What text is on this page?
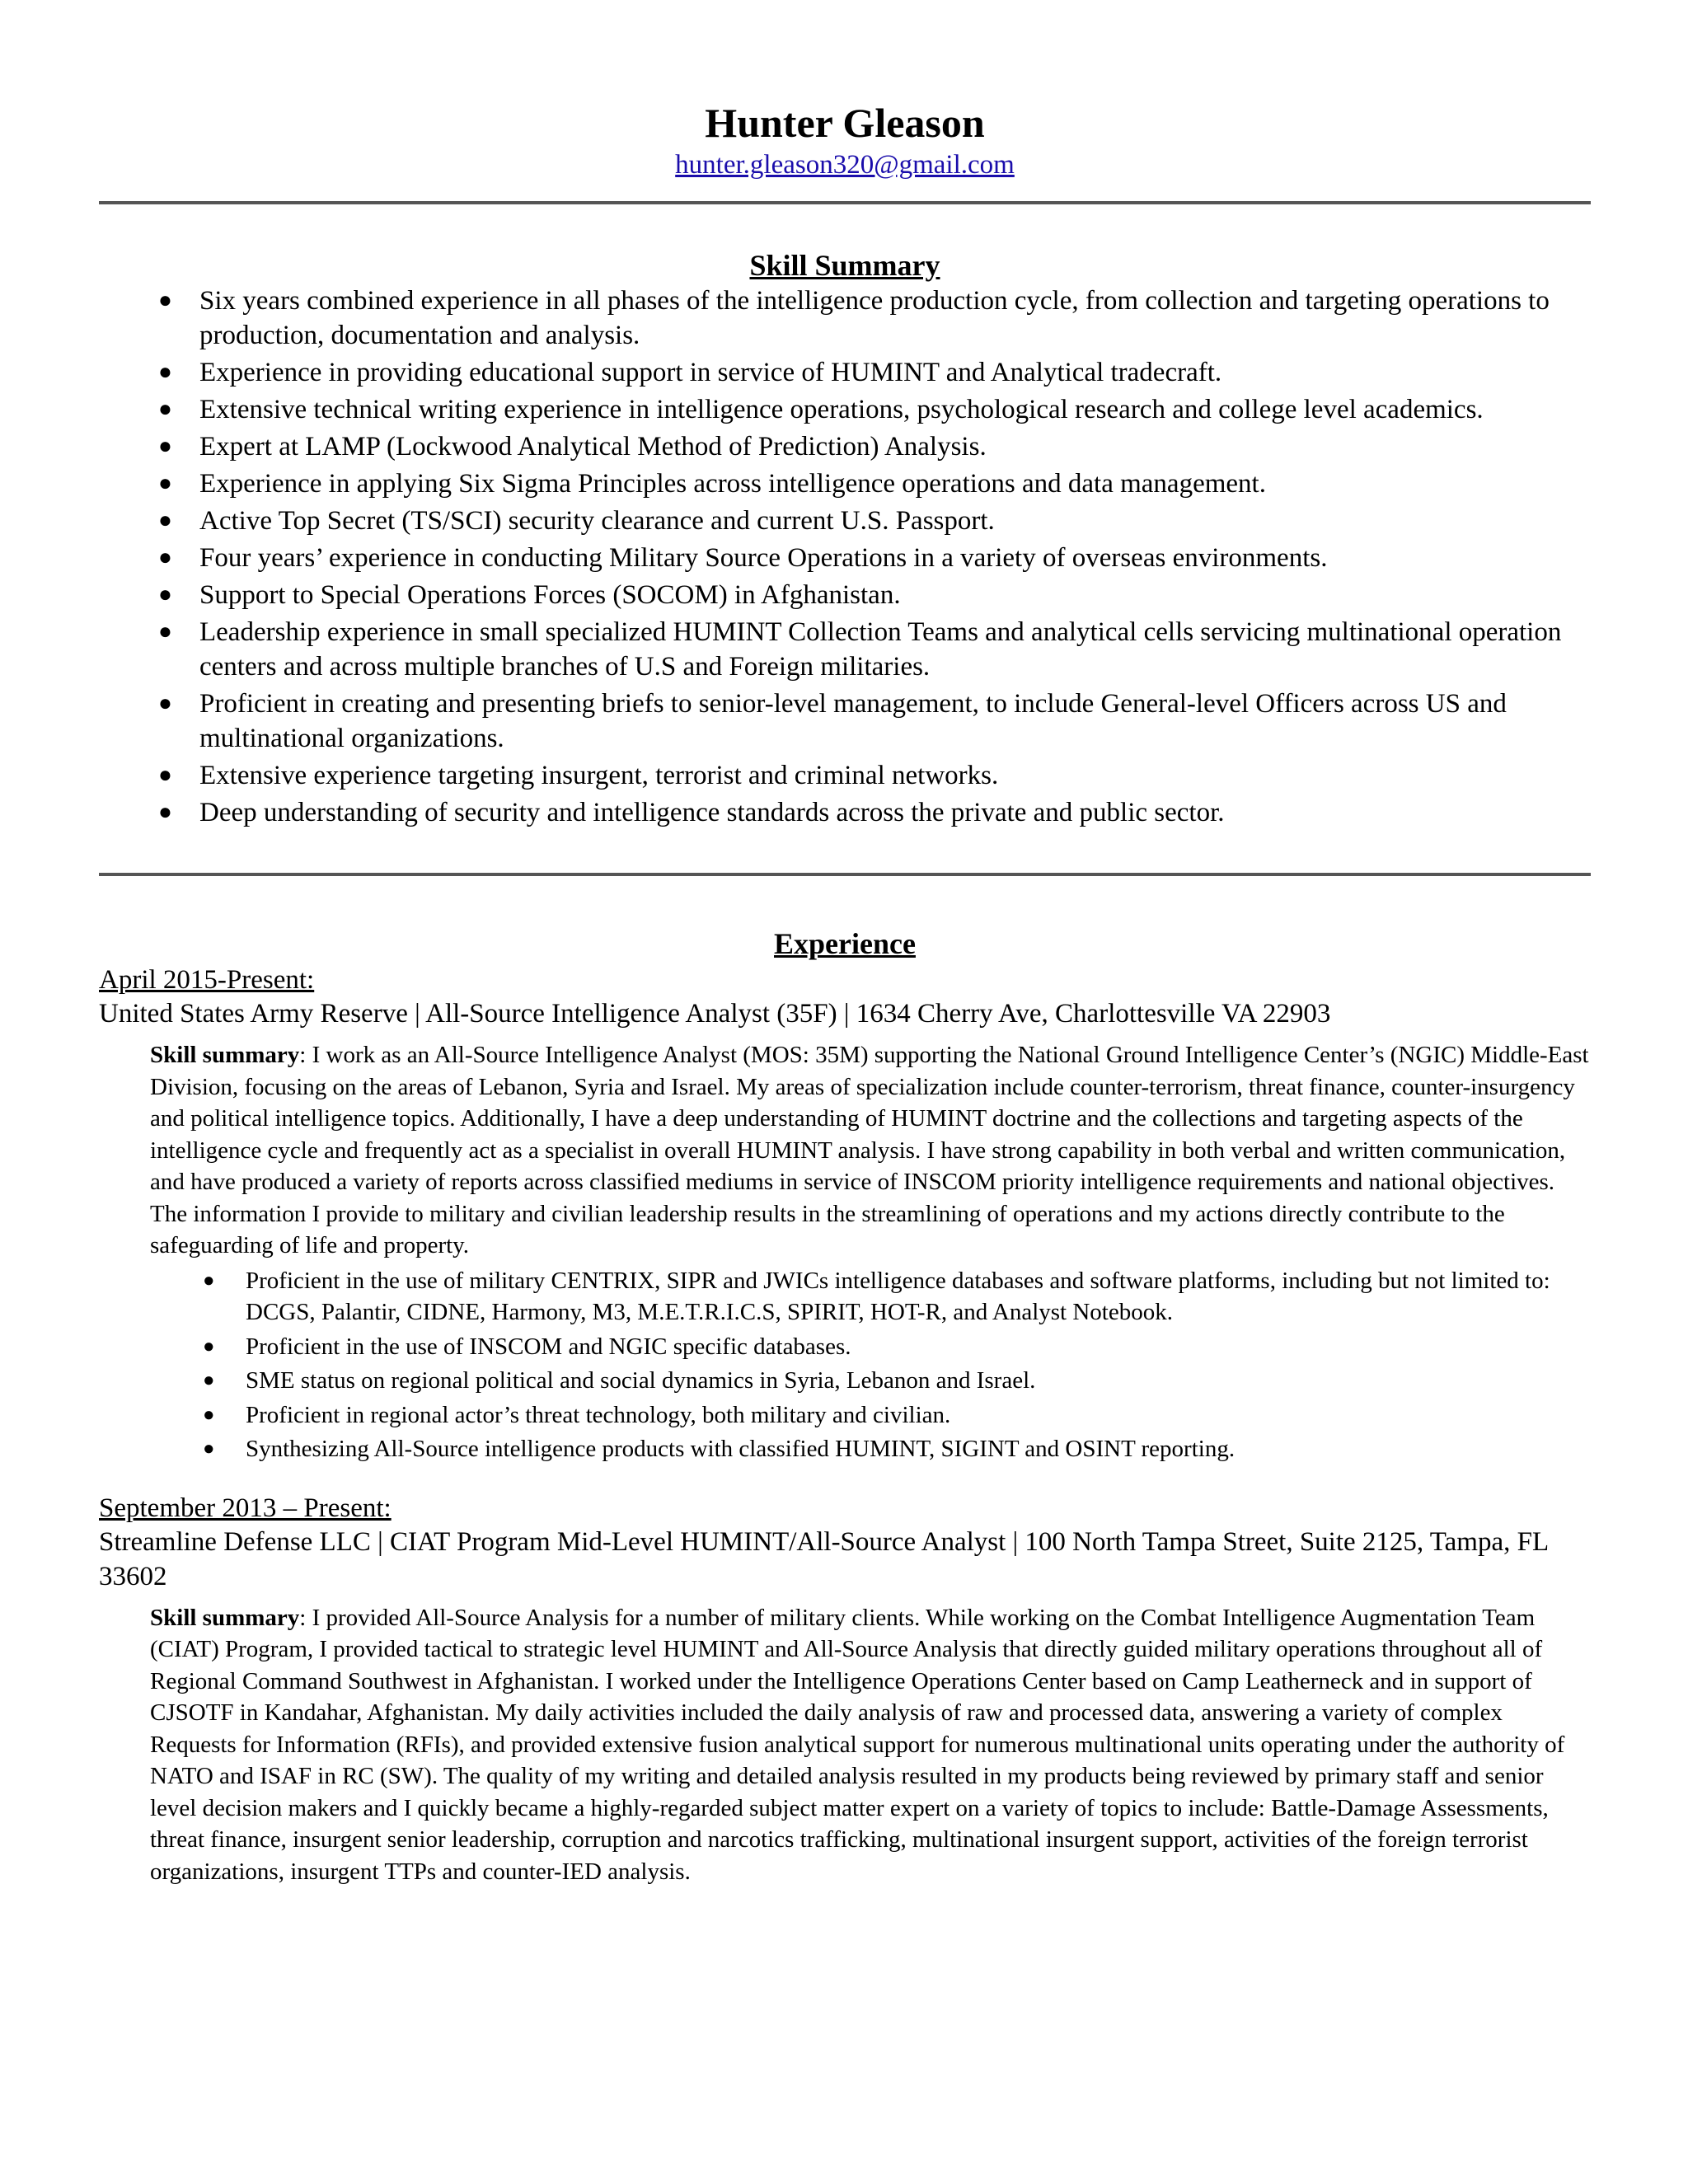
Hunter Gleason
hunter.gleason320@gmail.com
Skill Summary
● Six years combined experience in all phases of the intelligence production cycle, from collection and targeting operations to production, documentation and analysis.
● Experience in providing educational support in service of HUMINT and Analytical tradecraft.
● Extensive technical writing experience in intelligence operations, psychological research and college level academics.
● Expert at LAMP (Lockwood Analytical Method of Prediction) Analysis.
● Experience in applying Six Sigma Principles across intelligence operations and data management.
● Active Top Secret (TS/SCI) security clearance and current U.S. Passport.
● Four years’ experience in conducting Military Source Operations in a variety of overseas environments.
● Support to Special Operations Forces (SOCOM) in Afghanistan.
● Leadership experience in small specialized HUMINT Collection Teams and analytical cells servicing multinational operation centers and across multiple branches of U.S and Foreign militaries.
● Proficient in creating and presenting briefs to senior-level management, to include General-level Officers across US and multinational organizations.
● Extensive experience targeting insurgent, terrorist and criminal networks.
● Deep understanding of security and intelligence standards across the private and public sector.
Experience
April 2015-Present:
United States Army Reserve | All-Source Intelligence Analyst (35F) | 1634 Cherry Ave, Charlottesville VA 22903
Skill summary: I work as an All-Source Intelligence Analyst (MOS: 35M) supporting the National Ground Intelligence Center’s (NGIC) Middle-East Division, focusing on the areas of Lebanon, Syria and Israel. My areas of specialization include counter-terrorism, threat finance, counter-insurgency and political intelligence topics. Additionally, I have a deep understanding of HUMINT doctrine and the collections and targeting aspects of the intelligence cycle and frequently act as a specialist in overall HUMINT analysis. I have strong capability in both verbal and written communication, and have produced a variety of reports across classified mediums in service of INSCOM priority intelligence requirements and national objectives. The information I provide to military and civilian leadership results in the streamlining of operations and my actions directly contribute to the safeguarding of life and property.
● Proficient in the use of military CENTRIX, SIPR and JWICs intelligence databases and software platforms, including but not limited to: DCGS, Palantir, CIDNE, Harmony, M3, M.E.T.R.I.C.S, SPIRIT, HOT-R, and Analyst Notebook.
● Proficient in the use of INSCOM and NGIC specific databases.
● SME status on regional political and social dynamics in Syria, Lebanon and Israel.
● Proficient in regional actor’s threat technology, both military and civilian.
● Synthesizing All-Source intelligence products with classified HUMINT, SIGINT and OSINT reporting.
September 2013 – Present:
Streamline Defense LLC | CIAT Program Mid-Level HUMINT/All-Source Analyst | 100 North Tampa Street, Suite 2125, Tampa, FL 33602
Skill summary: I provided All-Source Analysis for a number of military clients. While working on the Combat Intelligence Augmentation Team (CIAT) Program, I provided tactical to strategic level HUMINT and All-Source Analysis that directly guided military operations throughout all of Regional Command Southwest in Afghanistan. I worked under the Intelligence Operations Center based on Camp Leatherneck and in support of CJSOTF in Kandahar, Afghanistan. My daily activities included the daily analysis of raw and processed data, answering a variety of complex Requests for Information (RFIs), and provided extensive fusion analytical support for numerous multinational units operating under the authority of NATO and ISAF in RC (SW). The quality of my writing and detailed analysis resulted in my products being reviewed by primary staff and senior level decision makers and I quickly became a highly-regarded subject matter expert on a variety of topics to include: Battle-Damage Assessments, threat finance, insurgent senior leadership, corruption and narcotics trafficking, multinational insurgent support, activities of the foreign terrorist organizations, insurgent TTPs and counter-IED analysis.
